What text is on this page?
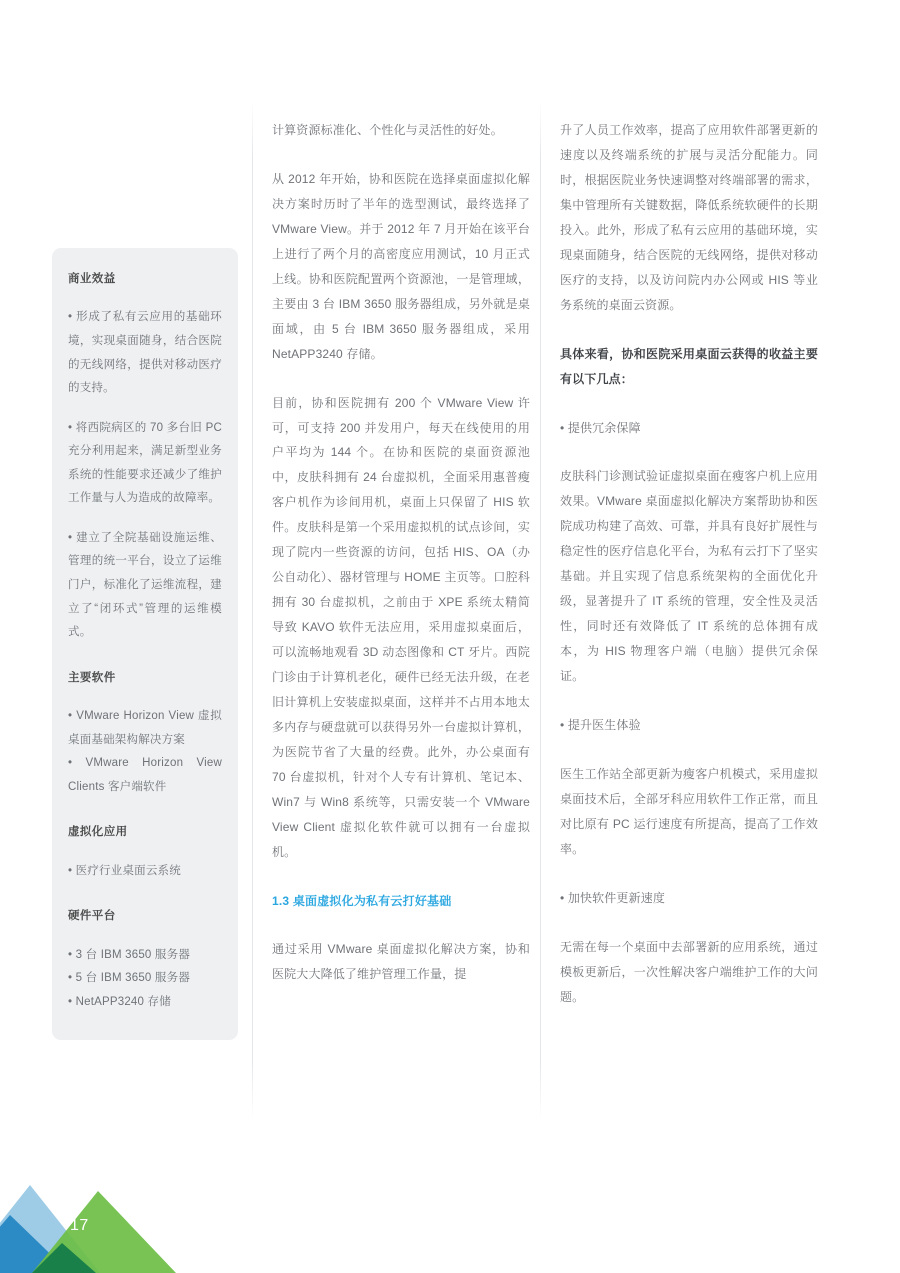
商业效益

• 形成了私有云应用的基础环境，实现桌面随身，结合医院的无线网络，提供对移动医疗的支持。

• 将西院病区的 70 多台旧 PC 充分利用起来，满足新型业务系统的性能要求还减少了维护工作量与人为造成的故障率。

• 建立了全院基础设施运维、管理的统一平台，设立了运维门户，标准化了运维流程，建立了“闭环式”管理的运维模式。

主要软件

• VMware Horizon View 虚拟桌面基础架构解决方案

• VMware Horizon View Clients 客户端软件

虚拟化应用

• 医疗行业桌面云系统

硬件平台

• 3 台 IBM 3650 服务器

• 5 台 IBM 3650 服务器

• NetAPP3240 存储

计算资源标准化、个性化与灵活性的好处。

从 2012 年开始，协和医院在选择桌面虚拟化解决方案时历时了半年的选型测试，最终选择了 VMware View。并于 2012 年 7 月开始在该平台上进行了两个月的高密度应用测试，10 月正式上线。协和医院配置两个资源池，一是管理域，主要由 3 台 IBM 3650 服务器组成，另外就是桌面域，由 5 台 IBM 3650 服务器组成，采用 NetAPP3240 存储。

目前，协和医院拥有 200 个 VMware View 许可，可支持 200 并发用户，每天在线使用的用户平均为 144 个。在协和医院的桌面资源池中，皮肤科拥有 24 台虚拟机，全面采用惠普瘦客户机作为诊间用机，桌面上只保留了 HIS 软件。皮肤科是第一个采用虚拟机的试点诊间，实现了院内一些资源的访问，包括 HIS、OA（办公自动化）、器材管理与 HOME 主页等。口腔科拥有 30 台虚拟机，之前由于 XPE 系统太精简导致 KAVO 软件无法应用，采用虚拟桌面后，可以流畅地观看 3D 动态图像和 CT 牙片。西院门诊由于计算机老化，硬件已经无法升级，在老旧计算机上安装虚拟桌面，这样并不占用本地太多内存与硬盘就可以获得另外一台虚拟计算机，为医院节省了大量的经费。此外，办公桌面有 70 台虚拟机，针对个人专有计算机、笔记本、Win7 与 Win8 系统等，只需安装一个 VMware View Client 虚拟化软件就可以拥有一台虚拟机。

1.3 桌面虚拟化为私有云打好基础

通过采用 VMware 桌面虚拟化解决方案，协和医院大大降低了维护管理工作量，提

升了人员工作效率，提高了应用软件部署更新的速度以及终端系统的扩展与灵活分配能力。同时，根据医院业务快速调整对终端部署的需求，集中管理所有关键数据，降低系统软硬件的长期投入。此外，形成了私有云应用的基础环境，实现桌面随身，结合医院的无线网络，提供对移动医疗的支持，以及访问院内办公网或 HIS 等业务系统的桌面云资源。

具体来看，协和医院采用桌面云获得的收益主要有以下几点：

• 提供冗余保障

皮肤科门诊测试验证虚拟桌面在瘦客户机上应用效果。VMware 桌面虚拟化解决方案帮助协和医院成功构建了高效、可靠，并具有良好扩展性与稳定性的医疗信息化平台，为私有云打下了坚实基础。并且实现了信息系统架构的全面优化升级，显著提升了 IT 系统的管理，安全性及灵活性，同时还有效降低了 IT 系统的总体拥有成本，为 HIS 物理客户端（电脑）提供冗余保证。

• 提升医生体验

医生工作站全部更新为瘦客户机模式，采用虚拟桌面技术后，全部牙科应用软件工作正常，而且对比原有 PC 运行速度有所提高，提高了工作效率。

• 加快软件更新速度

无需在每一个桌面中去部署新的应用系统，通过模板更新后，一次性解决客户端维护工作的大问题。

17
